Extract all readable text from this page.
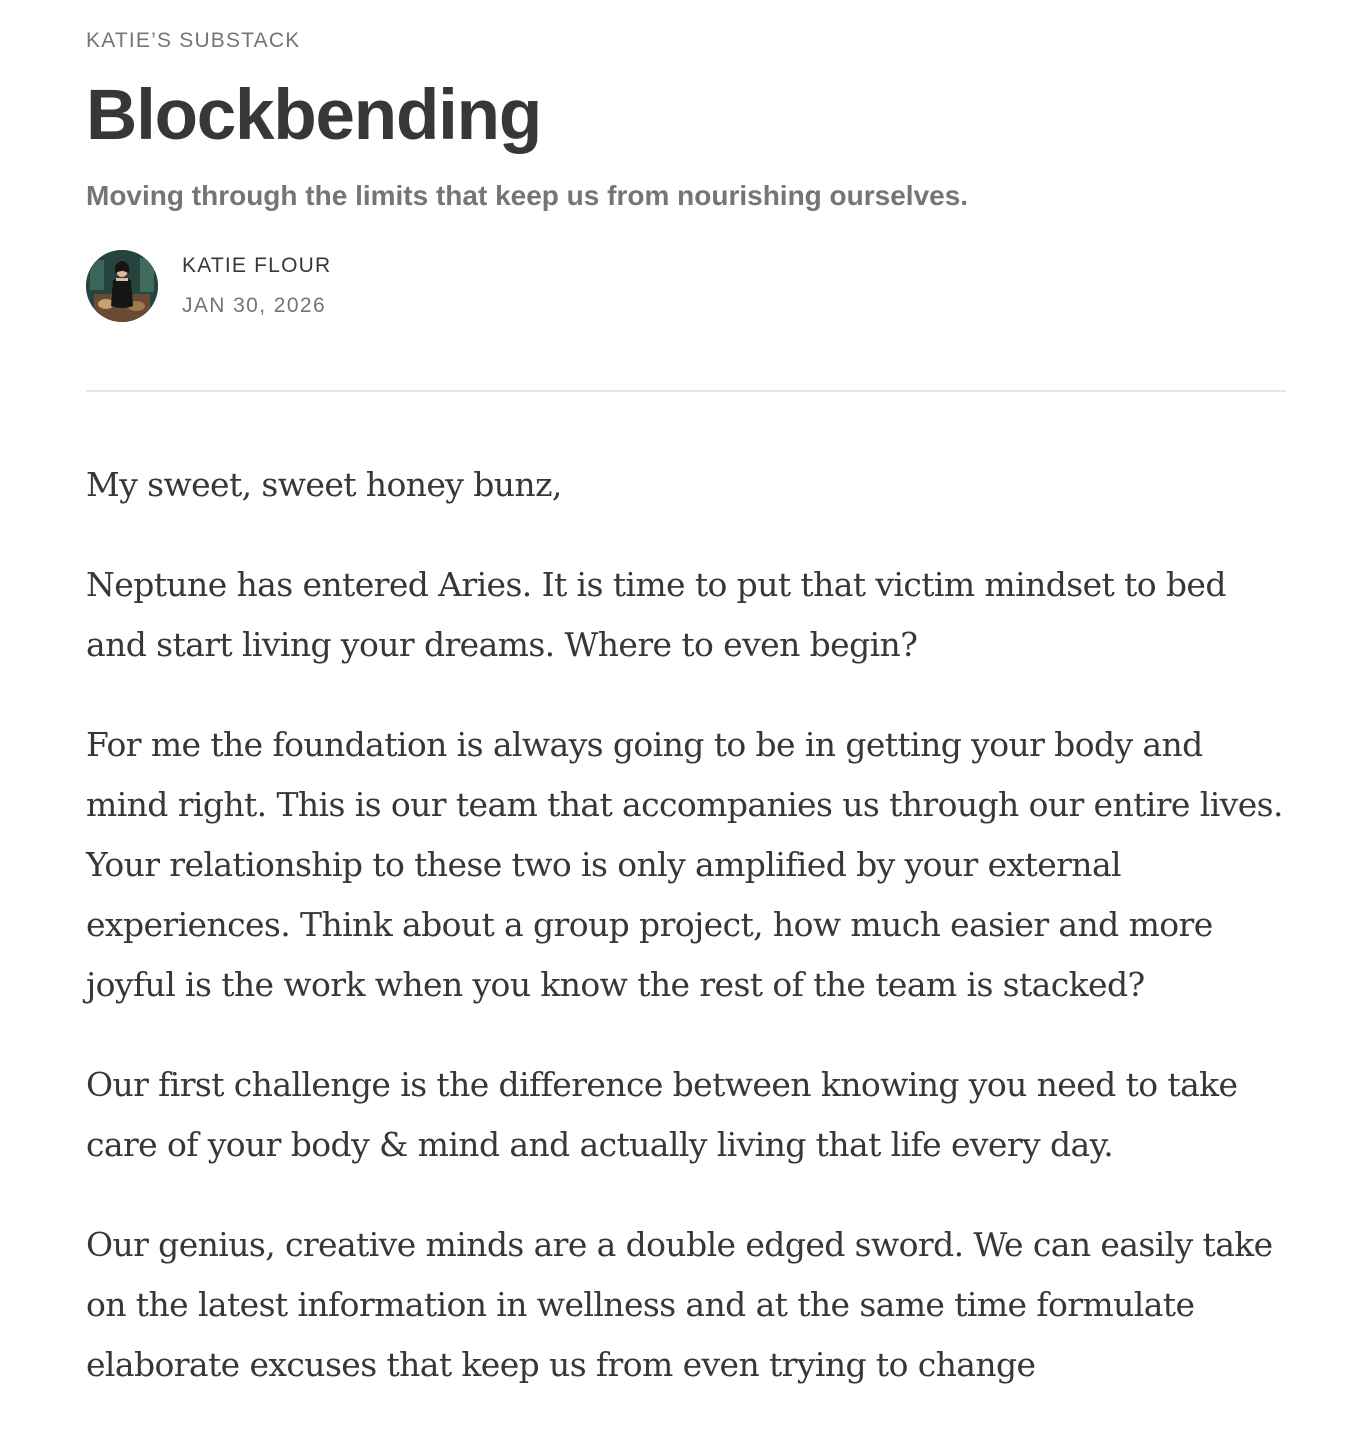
KATIE’S SUBSTACK
Blockbending
Moving through the limits that keep us from nourishing ourselves.
KATIE FLOUR
JAN 30, 2026

My sweet, sweet honey bunz,

Neptune has entered Aries. It is time to put that victim mindset to bed and start living your dreams. Where to even begin?

For me the foundation is always going to be in getting your body and mind right. This is our team that accompanies us through our entire lives. Your relationship to these two is only amplified by your external experiences. Think about a group project, how much easier and more joyful is the work when you know the rest of the team is stacked?

Our first challenge is the difference between knowing you need to take care of your body & mind and actually living that life every day.

Our genius, creative minds are a double edged sword. We can easily take on the latest information in wellness and at the same time formulate elaborate excuses that keep us from even trying to change
